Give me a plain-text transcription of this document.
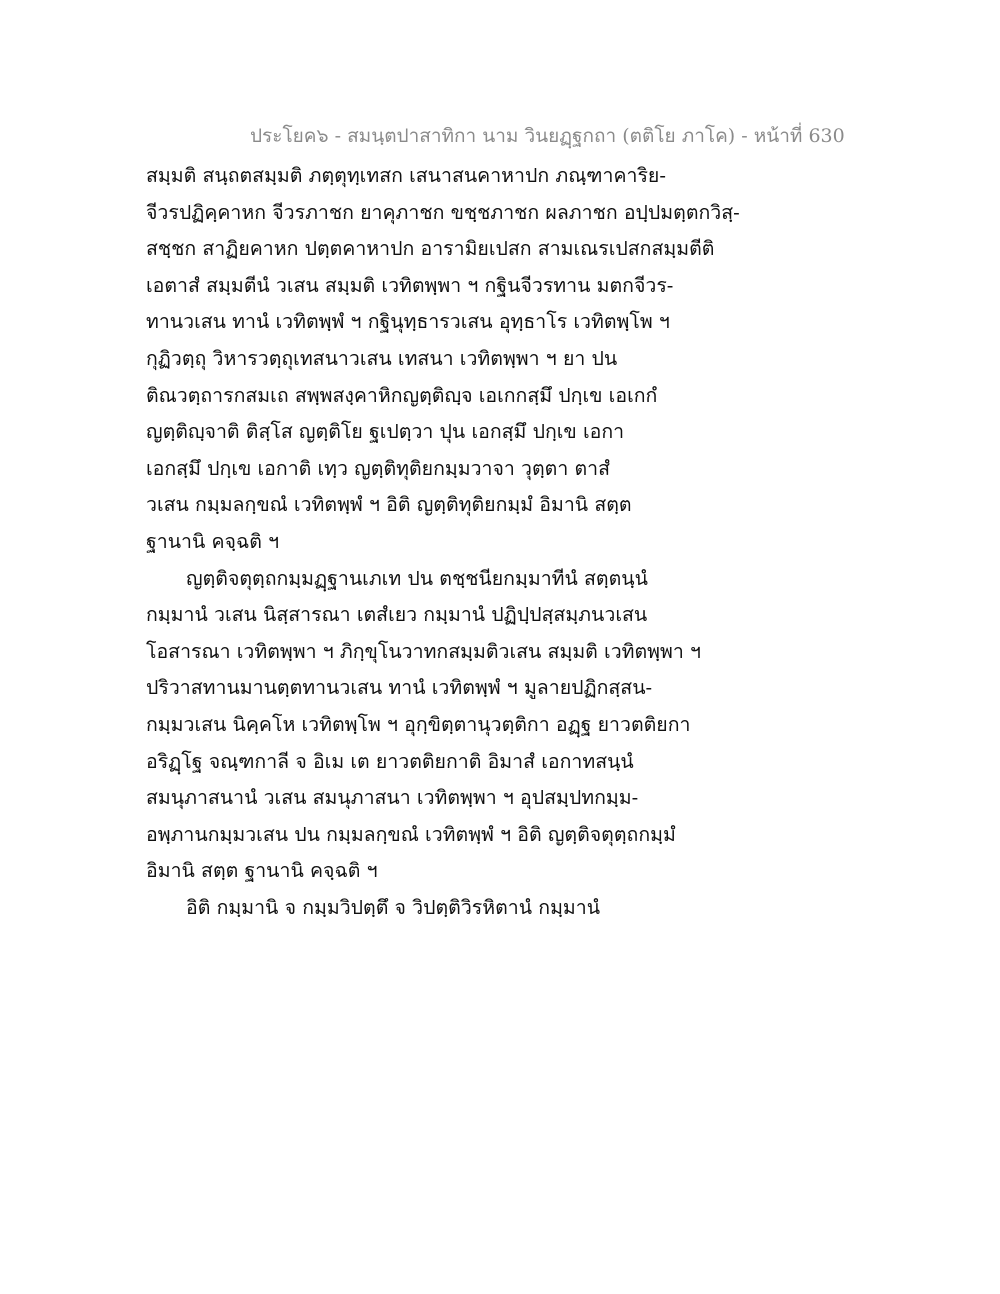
ประโยค๖ - สมนฺตปาสาทิกา นาม วินยฏฺฐกถา (ตติโย ภาโค) - หน้าที่ 630
สมฺมติ สนฺถตสมฺมติ ภตฺตุทฺเทสก เสนาสนคาหาปก ภณฺฑาคาริย-
จีวรปฏิคฺคาหก จีวรภาชก ยาคุภาชก ขชฺชภาชก ผลภาชก อปฺปมตฺตกวิสฺ-
สชฺชก สาฏิยคาหก ปตฺตคาหาปก อารามิยเปสก สามเณรเปสกสมฺมตีติ
เอตาสํ สมฺมตีนํ วเสน สมฺมติ เวทิตพฺพา ฯ กฐินจีวรทาน มตกจีวร-
ทานวเสน ทานํ เวทิตพฺพํ ฯ กฐินุทฺธารวเสน อุทฺธาโร เวทิตพฺโพ ฯ
กุฏิวตฺถุ วิหารวตฺถุเทสนาวเสน เทสนา เวทิตพฺพา ฯ ยา ปน
ติณวตฺถารกสมเถ สพฺพสงฺคาหิกญตฺติญฺจ เอเกกสฺมึ ปกฺเข เอเกกํ
ญตฺติญฺจาติ ติสฺโส ญตฺติโย ฐเปตฺวา ปุน เอกสฺมึ ปกฺเข เอกา
เอกสฺมึ ปกฺเข เอกาติ เทฺว ญตฺติทุติยกมฺมวาจา วุตฺตา ตาสํ
วเสน กมฺมลกฺขณํ เวทิตพฺพํ ฯ อิติ ญตฺติทุติยกมฺมํ อิมานิ สตฺต
ฐานานิ คจฺฉติ ฯ
ญตฺติจตุตฺถกมฺมฏฺฐานเภเท ปน ตชฺชนียกมฺมาทีนํ สตฺตนฺนํ
กมฺมานํ วเสน นิสฺสารณา เตสํเยว กมฺมานํ ปฏิปฺปสฺสมฺภนวเสน
โอสารณา เวทิตพฺพา ฯ ภิกฺขุโนวาทกสมฺมติวเสน สมฺมติ เวทิตพฺพา ฯ
ปริวาสทานมานตฺตทานวเสน ทานํ เวทิตพฺพํ ฯ มูลายปฏิกสฺสน-
กมฺมวเสน นิคฺคโห เวทิตพฺโพ ฯ อุกฺขิตฺตานุวตฺติกา อฏฺฐ ยาวตติยกา
อริฏฺโฐ จณฺฑกาลี จ อิเม เต ยาวตติยกาติ อิมาสํ เอกาทสนฺนํ
สมนุภาสนานํ วเสน สมนุภาสนา เวทิตพฺพา ฯ อุปสมฺปทกมฺม-
อพฺภานกมฺมวเสน ปน กมฺมลกฺขณํ เวทิตพฺพํ ฯ อิติ ญตฺติจตุตฺถกมฺมํ
อิมานิ สตฺต ฐานานิ คจฺฉติ ฯ
อิติ กมฺมานิ จ กมฺมวิปตฺตึ จ วิปตฺติวิรหิตานํ กมฺมานํ
